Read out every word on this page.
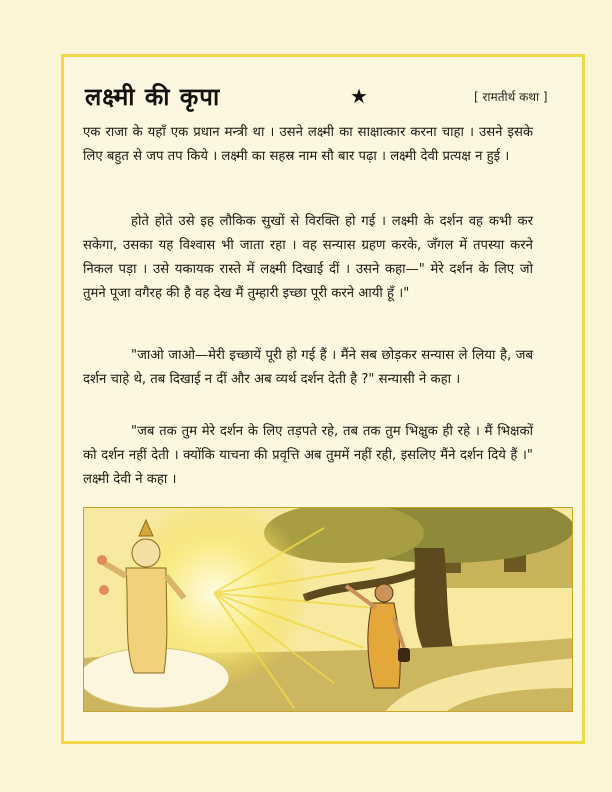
लक्ष्मी की कृपा	★	[ रामतीर्थ कथा ]

एक राजा के यहाँ एक प्रधान मन्त्री था । उसने लक्ष्मी का साक्षात्कार करना चाहा । उसने इसके लिए बहुत से जप तप किये । लक्ष्मी का सहस्र नाम सौ बार पढ़ा । लक्ष्मी देवी प्रत्यक्ष न हुई ।

होते होते उसे इह लौकिक सुखों से विरक्ति हो गई । लक्ष्मी के दर्शन वह कभी कर सकेगा, उसका यह विश्वास भी जाता रहा । वह सन्यास ग्रहण करके, जँगल में तपस्या करने निकल पड़ा । उसे यकायक रास्ते में लक्ष्मी दिखाई दीं । उसने कहा—" मेरे दर्शन के लिए जो तुमने पूजा वगैरह की है वह देख मैं तुम्हारी इच्छा पूरी करने आयी हूँ ।"

"जाओ जाओ—मेरी इच्छायें पूरी हो गई हैं । मैंने सब छोड़कर सन्यास ले लिया है, जब दर्शन चाहे थे, तब दिखाई न दीं और अब व्यर्थ दर्शन देती है ?" सन्यासी ने कहा ।

"जब तक तुम मेरे दर्शन के लिए तड़पते रहे, तब तक तुम भिक्षुक ही रहे । मैं भिक्षकों को दर्शन नहीं देती । क्योंकि याचना की प्रवृत्ति अब तुममें नहीं रही, इसलिए मैंने दर्शन दिये हैं ।" लक्ष्मी देवी ने कहा ।
